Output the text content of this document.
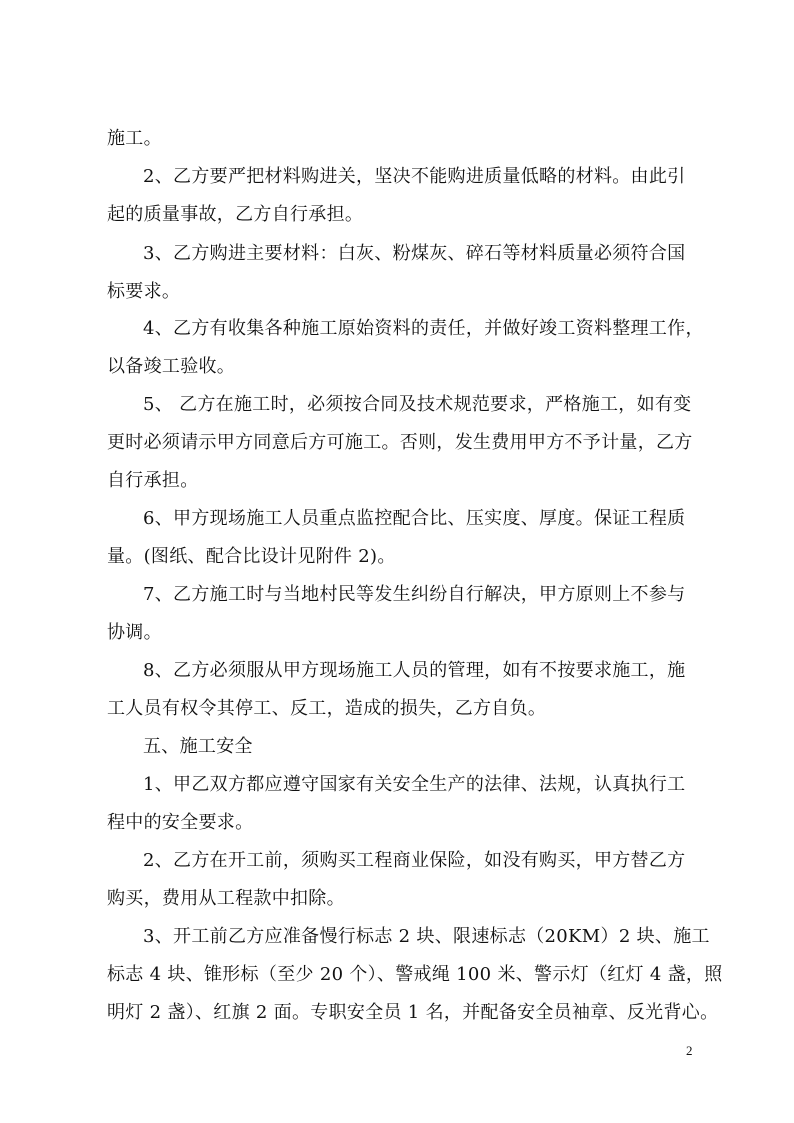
施工。
2、乙方要严把材料购进关，坚决不能购进质量低略的材料。由此引
起的质量事故，乙方自行承担。
3、乙方购进主要材料：白灰、粉煤灰、碎石等材料质量必须符合国
标要求。
4、乙方有收集各种施工原始资料的责任，并做好竣工资料整理工作，
以备竣工验收。
5、 乙方在施工时，必须按合同及技术规范要求，严格施工，如有变
更时必须请示甲方同意后方可施工。否则，发生费用甲方不予计量，乙方
自行承担。
6、甲方现场施工人员重点监控配合比、压实度、厚度。保证工程质
量。(图纸、配合比设计见附件 2)。
7、乙方施工时与当地村民等发生纠纷自行解决，甲方原则上不参与
协调。
8、乙方必须服从甲方现场施工人员的管理，如有不按要求施工，施
工人员有权令其停工、反工，造成的损失，乙方自负。
五、施工安全
1、甲乙双方都应遵守国家有关安全生产的法律、法规，认真执行工
程中的安全要求。
2、乙方在开工前，须购买工程商业保险，如没有购买，甲方替乙方
购买，费用从工程款中扣除。
3、开工前乙方应准备慢行标志 2 块、限速标志（20KM）2 块、施工
标志 4 块、锥形标（至少 20 个）、警戒绳 100 米、警示灯（红灯 4 盏，照
明灯 2 盏）、红旗 2 面。专职安全员 1 名，并配备安全员袖章、反光背心。
2
